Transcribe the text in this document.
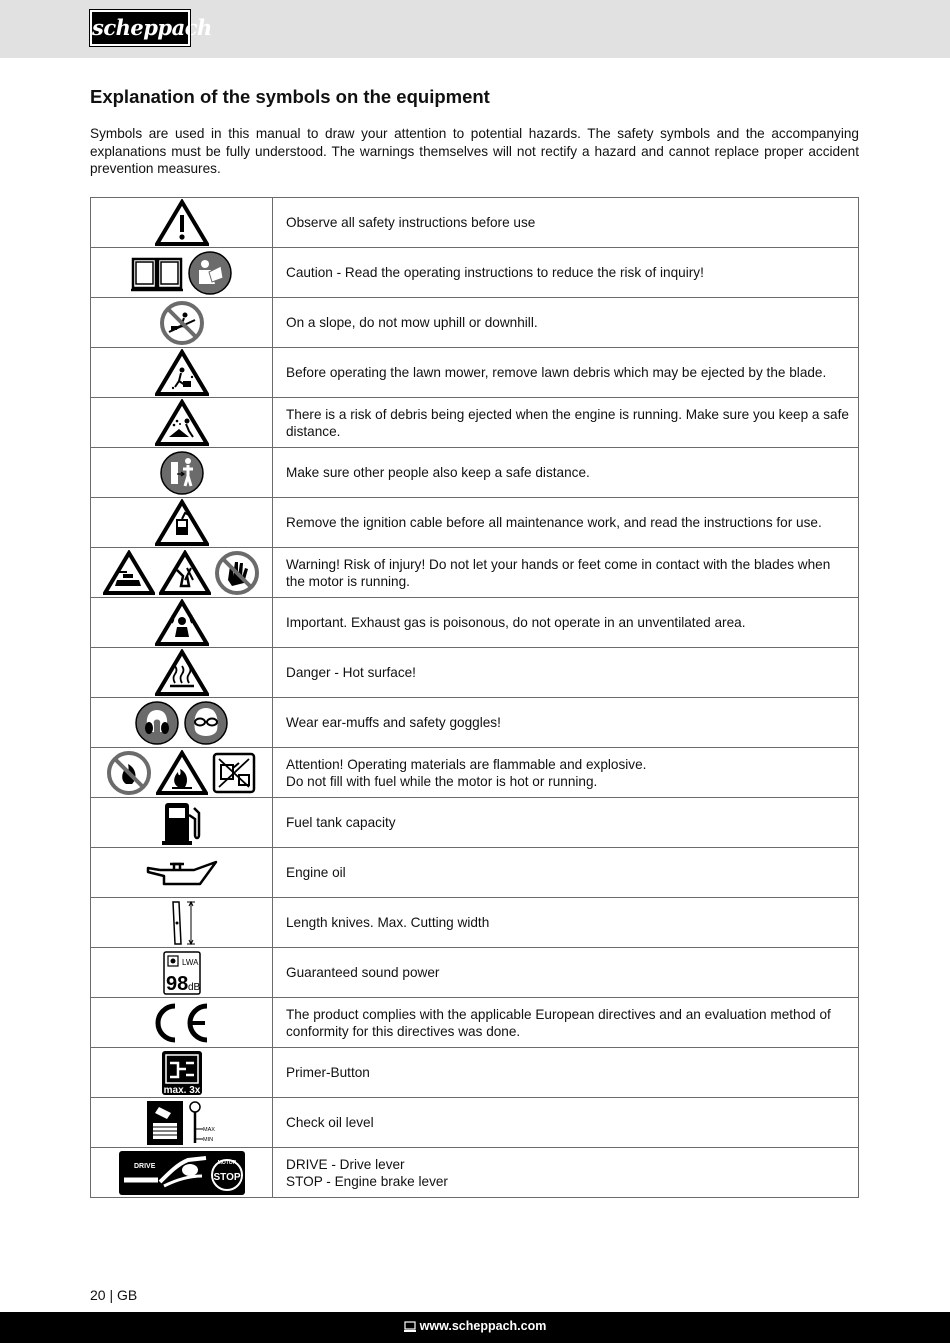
scheppach
Explanation of the symbols on the equipment

Symbols are used in this manual to draw your attention to potential hazards. The safety symbols and the accompanying explanations must be fully understood. The warnings themselves will not rectify a hazard and cannot replace proper accident prevention measures.

	Observe all safety instructions before use
	Caution - Read the operating instructions to reduce the risk of inquiry!
	On a slope, do not mow uphill or downhill.
	Before operating the lawn mower, remove lawn debris which may be ejected by the blade.
	There is a risk of debris being ejected when the engine is running. Make sure you keep a safe distance.
	Make sure other people also keep a safe distance.
	Remove the ignition cable before all maintenance work, and read the instructions for use.
	Warning! Risk of injury! Do not let your hands or feet come in contact with the blades when the motor is running.
	Important. Exhaust gas is poisonous, do not operate in an unventilated area.
	Danger - Hot surface!
	Wear ear-muffs and safety goggles!
	Attention! Operating materials are flammable and explosive.
Do not fill with fuel while the motor is hot or running.
	Fuel tank capacity
	Engine oil
	Length knives. Max. Cutting width

LWA
98 dB	Guaranteed sound power
	The product complies with the applicable European directives and an evaluation method of conformity for this directives was done.

max. 3x	Primer-Button

MAX
MIN	Check oil level

DRIVE MOTOR
STOP	DRIVE - Drive lever
STOP - Engine brake lever
20 | GB
www.scheppach.com
